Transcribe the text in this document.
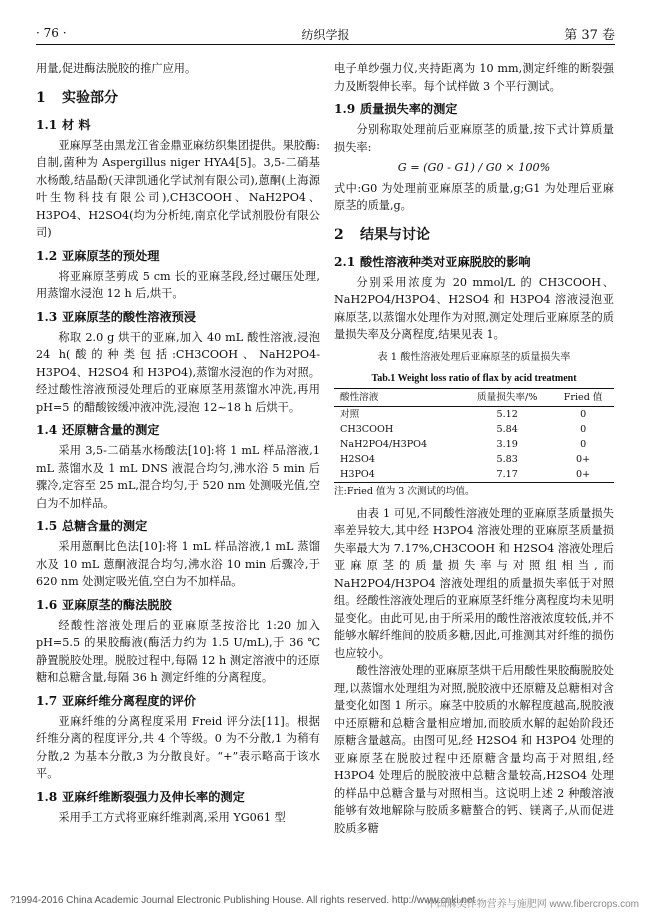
· 76 ·	纺织学报	第 37 卷

用量,促进酶法脱胶的推广应用。

1 实验部分
1.1 材 料

亚麻厚茎由黑龙江省金鼎亚麻纺织集团提供。果胶酶:自制,菌种为 Aspergillus niger HYA4[5]。3,5-二硝基水杨酸,结晶酚(天津凯通化学试剂有限公司),蒽酮(上海源叶生物科技有限公司),CH3COOH、NaH2PO4、H3PO4、H2SO4(均为分析纯,南京化学试剂股份有限公司)

1.2 亚麻原茎的预处理

将亚麻原茎剪成 5 cm 长的亚麻茎段,经过碾压处理,用蒸馏水浸泡 12 h 后,烘干。

1.3 亚麻原茎的酸性溶液预浸

称取 2.0 g 烘干的亚麻,加入 40 mL 酸性溶液,浸泡 24 h(酸的种类包括:CH3COOH、NaH2PO4-H3PO4、H2SO4 和 H3PO4),蒸馏水浸泡的作为对照。经过酸性溶液预浸处理后的亚麻原茎用蒸馏水冲洗,再用 pH=5 的醋酸铵缓冲液冲洗,浸泡 12~18 h 后烘干。

1.4 还原糖含量的测定

采用 3,5-二硝基水杨酸法[10]:将 1 mL 样品溶液,1 mL 蒸馏水及 1 mL DNS 液混合均匀,沸水浴 5 min 后骤冷,定容至 25 mL,混合均匀,于 520 nm 处测吸光值,空白为不加样品。

1.5 总糖含量的测定

采用蒽酮比色法[10]:将 1 mL 样品溶液,1 mL 蒸馏水及 10 mL 蒽酮液混合均匀,沸水浴 10 min 后骤冷,于 620 nm 处测定吸光值,空白为不加样品。

1.6 亚麻原茎的酶法脱胶

经酸性溶液处理后的亚麻原茎按浴比 1:20 加入 pH=5.5 的果胶酶液(酶活力约为 1.5 U/mL),于 36 ℃ 静置脱胶处理。脱胶过程中,每隔 12 h 测定溶液中的还原糖和总糖含量,每隔 36 h 测定纤维的分离程度。

1.7 亚麻纤维分离程度的评价

亚麻纤维的分离程度采用 Freid 评分法[11]。根据纤维分离的程度评分,共 4 个等级。0 为不分散,1 为稍有分散,2 为基本分散,3 为分散良好。“+”表示略高于该水平。

1.8 亚麻纤维断裂强力及伸长率的测定

采用手工方式将亚麻纤维剥离,采用 YG061 型

电子单纱强力仪,夹持距离为 10 mm,测定纤维的断裂强力及断裂伸长率。每个试样做 3 个平行测试。

1.9 质量损失率的测定

分别称取处理前后亚麻原茎的质量,按下式计算质量损失率:

G = (G0 - G1) / G0 × 100%

式中:G0 为处理前亚麻原茎的质量,g;G1 为处理后亚麻原茎的质量,g。

2 结果与讨论
2.1 酸性溶液种类对亚麻脱胶的影响

分别采用浓度为 20 mmol/L 的 CH3COOH、NaH2PO4/H3PO4、H2SO4 和 H3PO4 溶液浸泡亚麻原茎,以蒸馏水处理作为对照,测定处理后亚麻原茎的质量损失率及分离程度,结果见表 1。

表 1 酸性溶液处理后亚麻原茎的质量损失率
Tab.1 Weight loss ratio of flax by acid treatment
酸性溶液	质量损失率/%	Fried 值
对照	5.12	0
CH3COOH	5.84	0
NaH2PO4/H3PO4	3.19	0
H2SO4	5.83	0+
H3PO4	7.17	0+
注:Fried 值为 3 次测试的均值。

由表 1 可见,不同酸性溶液处理的亚麻原茎质量损失率差异较大,其中经 H3PO4 溶液处理的亚麻原茎质量损失率最大为 7.17%,CH3COOH 和 H2SO4 溶液处理后亚麻原茎的质量损失率与对照组相当,而 NaH2PO4/H3PO4 溶液处理组的质量损失率低于对照组。经酸性溶液处理后的亚麻原茎纤维分离程度均未见明显变化。由此可见,由于所采用的酸性溶液浓度较低,并不能够水解纤维间的胶质多糖,因此,可推测其对纤维的损伤也应较小。

酸性溶液处理的亚麻原茎烘干后用酸性果胶酶脱胶处理,以蒸馏水处理组为对照,脱胶液中还原糖及总糖相对含量变化如图 1 所示。麻茎中胶质的水解程度越高,脱胶液中还原糖和总糖含量相应增加,而胶质水解的起始阶段还原糖含量越高。由图可见,经 H2SO4 和 H3PO4 处理的亚麻原茎在脱胶过程中还原糖含量均高于对照组,经 H3PO4 处理后的脱胶液中总糖含量较高,H2SO4 处理的样品中总糖含量与对照相当。这说明上述 2 种酸溶液能够有效地解除与胶质多糖螯合的钙、镁离子,从而促进胶质多糖

?1994-2016 China Academic Journal Electronic Publishing House. All rights reserved. http://www.cnki.net
中国麻类作物营养与施肥网 www.fibercrops.com
